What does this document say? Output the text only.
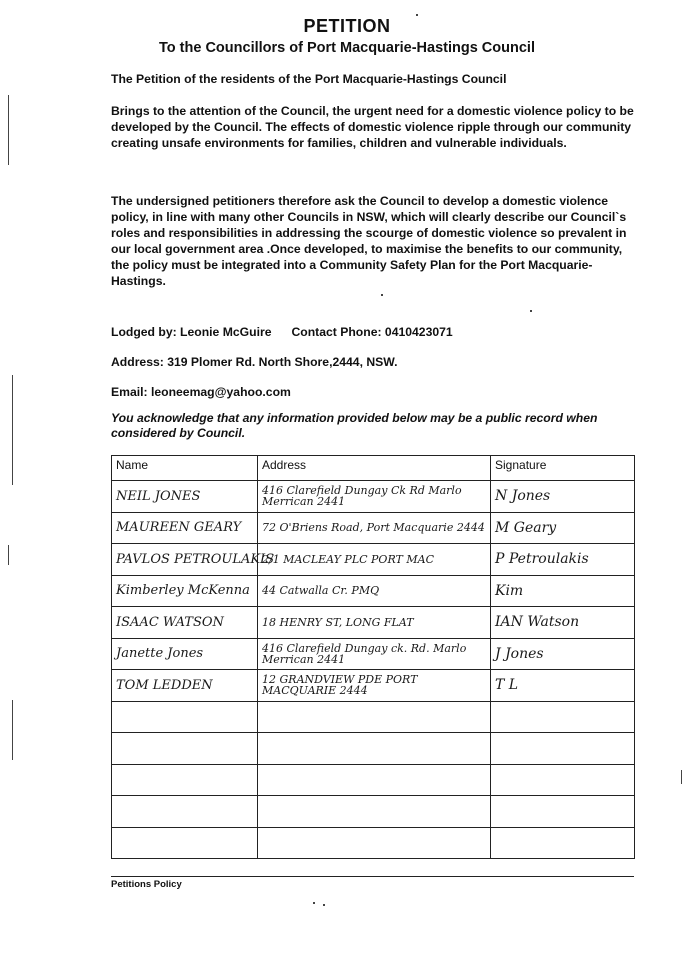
PETITION
To the Councillors of Port Macquarie-Hastings Council
The Petition of the residents of the Port Macquarie-Hastings Council
Brings to the attention of the Council, the urgent need for a domestic violence policy to be developed by the Council. The effects of domestic violence ripple through our community creating unsafe environments for families, children and vulnerable individuals.
The undersigned petitioners therefore ask the Council to develop a domestic violence policy, in line with many other Councils in NSW, which will clearly describe our Council`s roles and responsibilities in addressing the scourge of domestic violence so prevalent in our local government area .Once developed, to maximise the benefits to our community, the policy must be integrated into a Community Safety Plan for the Port Macquarie-Hastings.
Lodged by: Leonie McGuire Contact Phone: 0410423071
Address: 319 Plomer Rd. North Shore,2444, NSW.
Email: leoneemag@yahoo.com
You acknowledge that any information provided below may be a public record when considered by Council.
Name	Address	Signature
NEIL JONES	416 Clarefield Dungay Ck Rd Marlo Merrican 2441	N Jones
MAUREEN GEARY	72 O'Briens Road, Port Macquarie 2444	M Geary
PAVLOS PETROULAKIS	2/1 MACLEAY PLC PORT MAC	P Petroulakis
Kimberley McKenna	44 Catwalla Cr. PMQ	Kim
ISAAC WATSON	18 HENRY ST, LONG FLAT	IAN Watson
Janette Jones	416 Clarefield Dungay ck. Rd. Marlo Merrican 2441	J Jones
TOM LEDDEN	12 GRANDVIEW PDE PORT MACQUARIE 2444	T L

Petitions Policy
